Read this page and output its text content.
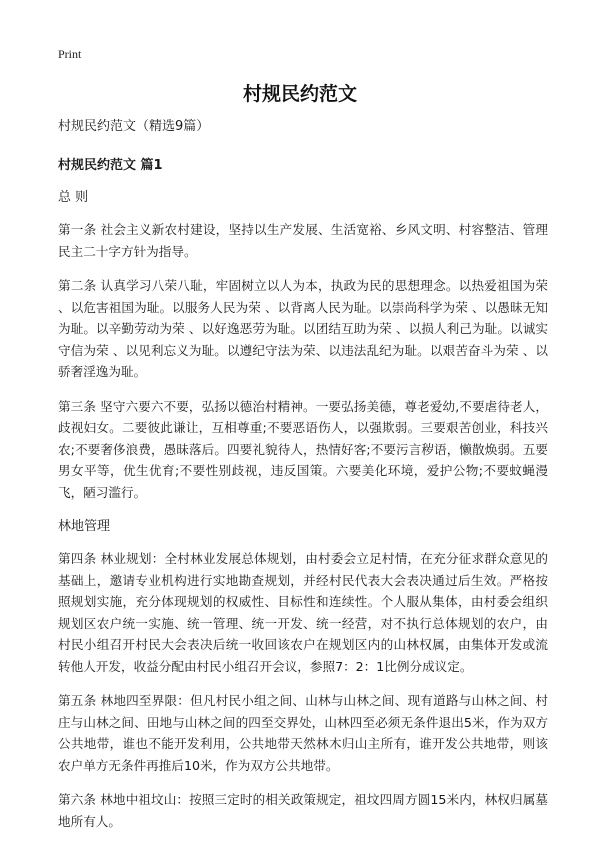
Print
村规民约范文

村规民约范文（精选9篇）

村规民约范文 篇1

总 则

第一条 社会主义新农村建设，坚持以生产发展、生活宽裕、乡风文明、村容整洁、管理民主二十字方针为指导。

第二条 认真学习八荣八耻，牢固树立以人为本，执政为民的思想理念。以热爱祖国为荣 、以危害祖国为耻。以服务人民为荣 、以背离人民为耻。以崇尚科学为荣 、以愚昧无知为耻。以辛勤劳动为荣 、以好逸恶劳为耻。以团结互助为荣 、以损人利己为耻。以诚实守信为荣 、以见利忘义为耻。以遵纪守法为荣、以违法乱纪为耻。以艰苦奋斗为荣 、以骄奢淫逸为耻。

第三条 坚守六要六不要，弘扬以德治村精神。一要弘扬美德，尊老爱幼,不要虐待老人，歧视妇女。二要彼此谦让，互相尊重;不要恶语伤人，以强欺弱。三要艰苦创业，科技兴农;不要奢侈浪费，愚昧落后。四要礼貌待人，热情好客;不要污言秽语，懒散焕弱。五要男女平等，优生优育;不要性别歧视，违反国策。六要美化环境，爱护公物;不要蚊蝇漫飞，陋习滥行。

林地管理

第四条 林业规划：全村林业发展总体规划，由村委会立足村情，在充分征求群众意见的基础上，邀请专业机构进行实地勘查规划，并经村民代表大会表决通过后生效。严格按照规划实施，充分体现规划的权威性、目标性和连续性。个人服从集体，由村委会组织规划区农户统一实施、统一管理、统一开发、统一经营，对不执行总体规划的农户，由村民小组召开村民大会表决后统一收回该农户在规划区内的山林权属，由集体开发或流转他人开发，收益分配由村民小组召开会议，参照7：2：1比例分成议定。

第五条 林地四至界限：但凡村民小组之间、山林与山林之间、现有道路与山林之间、村庄与山林之间、田地与山林之间的四至交界处，山林四至必须无条件退出5米，作为双方公共地带，谁也不能开发利用，公共地带天然林木归山主所有，谁开发公共地带，则该农户单方无条件再推后10米，作为双方公共地带。

第六条 林地中祖坟山：按照三定时的相关政策规定，祖坟四周方圆15米内，林权归属墓地所有人。
